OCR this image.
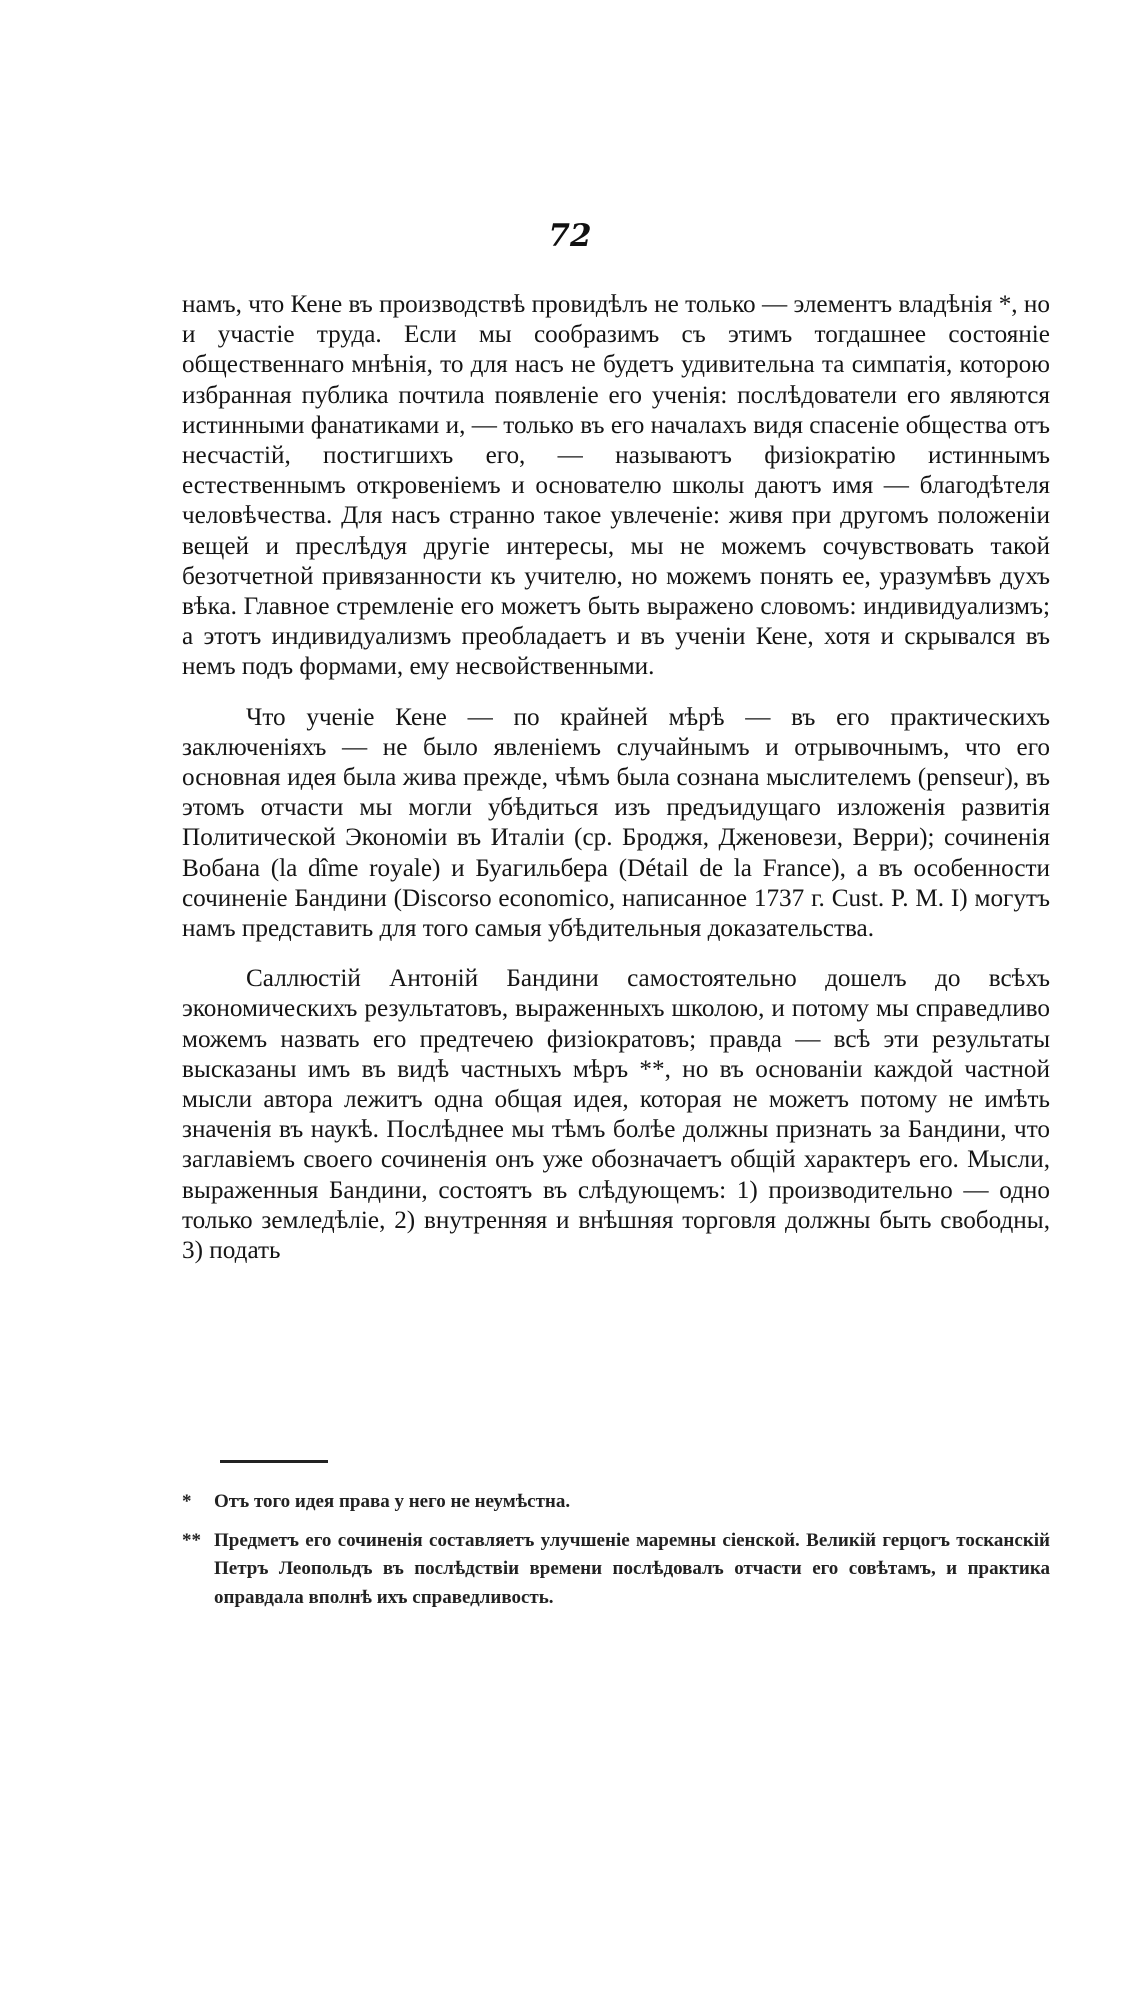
72

намъ, что Кене въ производствѣ провидѣлъ не только — элементъ владѣнія *, но и участіе труда. Если мы сообразимъ съ этимъ тогдашнее состояніе общественнаго мнѣнія, то для насъ не будетъ удивительна та симпатія, которою избранная публика почтила появленіе его ученія: послѣдователи его являются истинными фанатиками и, — только въ его началахъ видя спасеніе общества отъ несчастій, постигшихъ его, — называютъ физіократію истиннымъ естественнымъ откровеніемъ и основателю школы даютъ имя — благодѣтеля человѣчества. Для насъ странно такое увлеченіе: живя при другомъ положеніи вещей и преслѣдуя другіе интересы, мы не можемъ сочувствовать такой безотчетной привязанности къ учителю, но можемъ понять ее, уразумѣвъ духъ вѣка. Главное стремленіе его можетъ быть выражено словомъ: индивидуализмъ; а этотъ индивидуализмъ преобладаетъ и въ ученіи Кене, хотя и скрывался въ немъ подъ формами, ему несвойственными.

Что ученіе Кене — по крайней мѣрѣ — въ его практическихъ заключеніяхъ — не было явленіемъ случайнымъ и отрывочнымъ, что его основная идея была жива прежде, чѣмъ была сознана мыслителемъ (penseur), въ этомъ отчасти мы могли убѣдиться изъ предъидущаго изложенія развитія Политической Экономіи въ Италіи (ср. Броджя, Дженовези, Верри); сочиненія Вобана (la dîme royale) и Буагильбера (Détail de la France), а въ особенности сочиненіе Бандини (Discorso economico, написанное 1737 г. Cust. P. M. I) могутъ намъ представить для того самыя убѣдительныя доказательства.

Саллюстій Антоній Бандини самостоятельно дошелъ до всѣхъ экономическихъ результатовъ, выраженныхъ школою, и потому мы справедливо можемъ назвать его предтечею физіократовъ; правда — всѣ эти результаты высказаны имъ въ видѣ частныхъ мѣръ **, но въ основаніи каждой частной мысли автора лежитъ одна общая идея, которая не можетъ потому не имѣть значенія въ наукѣ. Послѣднее мы тѣмъ болѣе должны признать за Бандини, что заглавіемъ своего сочиненія онъ уже обозначаетъ общій характеръ его. Мысли, выраженныя Бандини, состоятъ въ слѣдующемъ: 1) производительно — одно только земледѣліе, 2) внутренняя и внѣшняя торговля должны быть свободны, 3) подать

* Отъ того идея права у него не неумѣстна.

** Предметъ его сочиненія составляетъ улучшеніе маремны сіенской. Великій герцогъ тосканскій Петръ Леопольдъ въ послѣдствіи времени послѣдовалъ отчасти его совѣтамъ, и практика оправдала вполнѣ ихъ справедливость.
